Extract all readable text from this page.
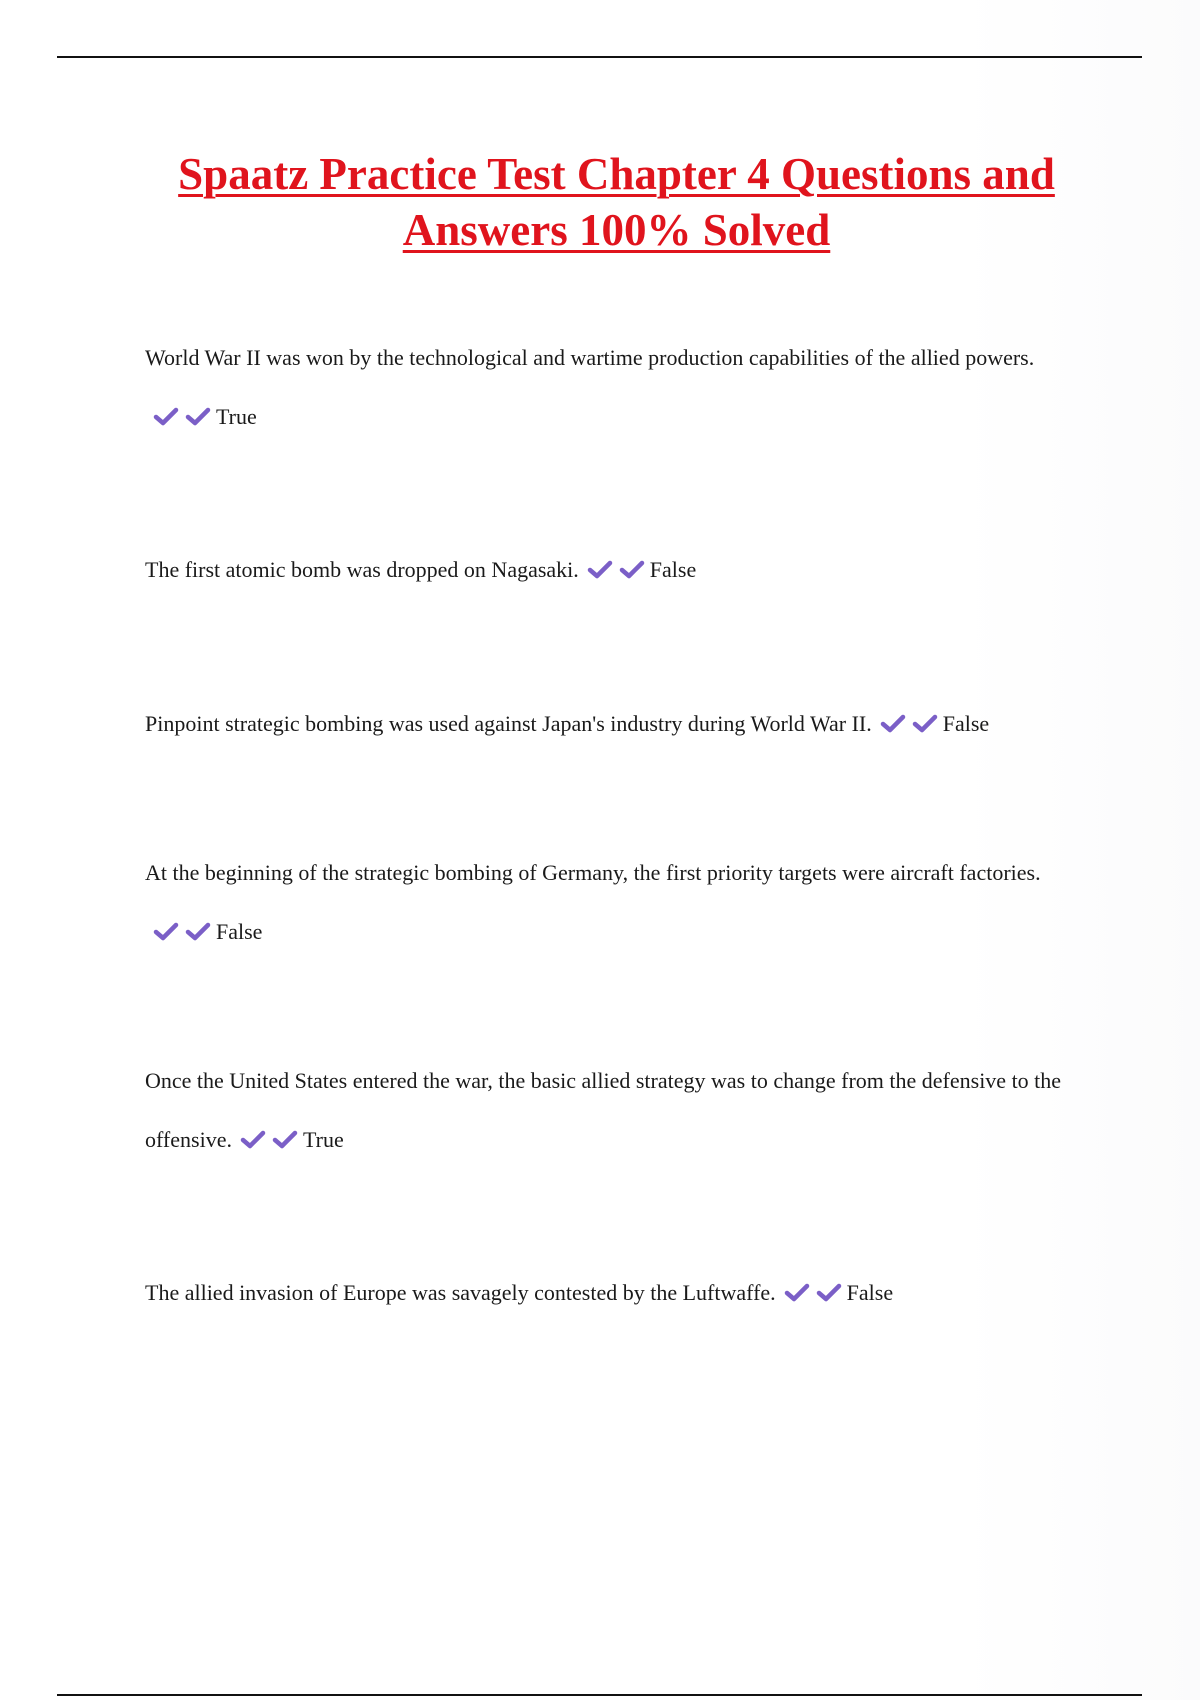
Spaatz Practice Test Chapter 4 Questions and Answers 100% Solved

World War II was won by the technological and wartime production capabilities of the allied powers.True

The first atomic bomb was dropped on Nagasaki.	False

Pinpoint strategic bombing was used against Japan's industry during World War II.	False

At the beginning of the strategic bombing of Germany, the first priority targets were aircraft factories.False

Once the United States entered the war, the basic allied strategy was to change from the defensive to the offensive.	True

The allied invasion of Europe was savagely contested by the Luftwaffe.	False
